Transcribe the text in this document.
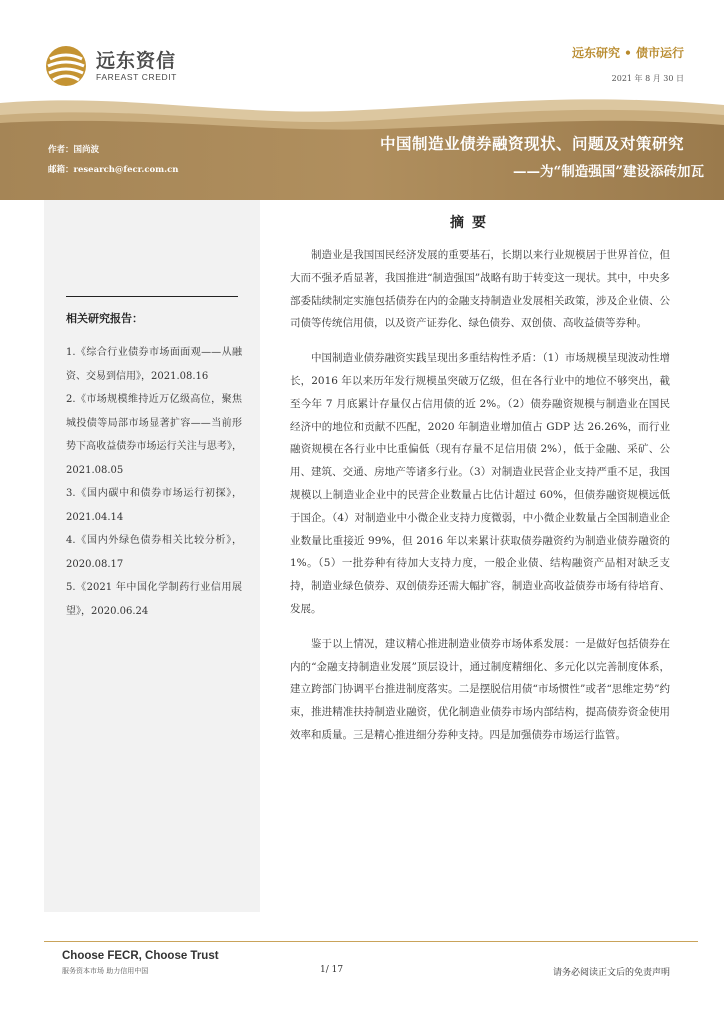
远东资信
FAREAST CREDIT
远东研究 • 债市运行
2021 年 8 月 30 日
作者：国尚波
邮箱：research@fecr.com.cn
中国制造业债券融资现状、问题及对策研究
——为“制造强国”建设添砖加瓦
相关研究报告：
1.《综合行业债券市场面面观——从融资、交易到信用》，2021.08.16
2.《市场规模维持近万亿级高位，聚焦城投债等局部市场显著扩容——当前形势下高收益债券市场运行关注与思考》，2021.08.05
3.《国内碳中和债券市场运行初探》，2021.04.14
4.《国内外绿色债券相关比较分析》，2020.08.17
5.《2021 年中国化学制药行业信用展望》，2020.06.24
摘要

制造业是我国国民经济发展的重要基石，长期以来行业规模居于世界首位，但大而不强矛盾显著，我国推进“制造强国”战略有助于转变这一现状。其中，中央多部委陆续制定实施包括债券在内的金融支持制造业发展相关政策，涉及企业债、公司债等传统信用债，以及资产证券化、绿色债券、双创债、高收益债等券种。

中国制造业债券融资实践呈现出多重结构性矛盾：（1）市场规模呈现波动性增长，2016 年以来历年发行规模虽突破万亿级，但在各行业中的地位不够突出，截至今年 7 月底累计存量仅占信用债的近 2%。（2）债券融资规模与制造业在国民经济中的地位和贡献不匹配，2020 年制造业增加值占 GDP 达 26.26%，而行业融资规模在各行业中比重偏低（现有存量不足信用债 2%），低于金融、采矿、公用、建筑、交通、房地产等诸多行业。（3）对制造业民营企业支持严重不足，我国规模以上制造业企业中的民营企业数量占比估计超过 60%，但债券融资规模远低于国企。（4）对制造业中小微企业支持力度微弱，中小微企业数量占全国制造业企业数量比重接近 99%，但 2016 年以来累计获取债券融资约为制造业债券融资的 1%。（5）一批券种有待加大支持力度，一般企业债、结构融资产品相对缺乏支持，制造业绿色债券、双创债券还需大幅扩容，制造业高收益债券市场有待培育、发展。

鉴于以上情况，建议精心推进制造业债券市场体系发展：一是做好包括债券在内的“金融支持制造业发展”顶层设计，通过制度精细化、多元化以完善制度体系，建立跨部门协调平台推进制度落实。二是摆脱信用债“市场惯性”或者“思维定势”约束，推进精准扶持制造业融资，优化制造业债券市场内部结构，提高债券资金使用效率和质量。三是精心推进细分券种支持。四是加强债券市场运行监管。

Choose FECR, Choose Trust
服务资本市场 助力信用中国	1/ 17	请务必阅读正文后的免责声明
